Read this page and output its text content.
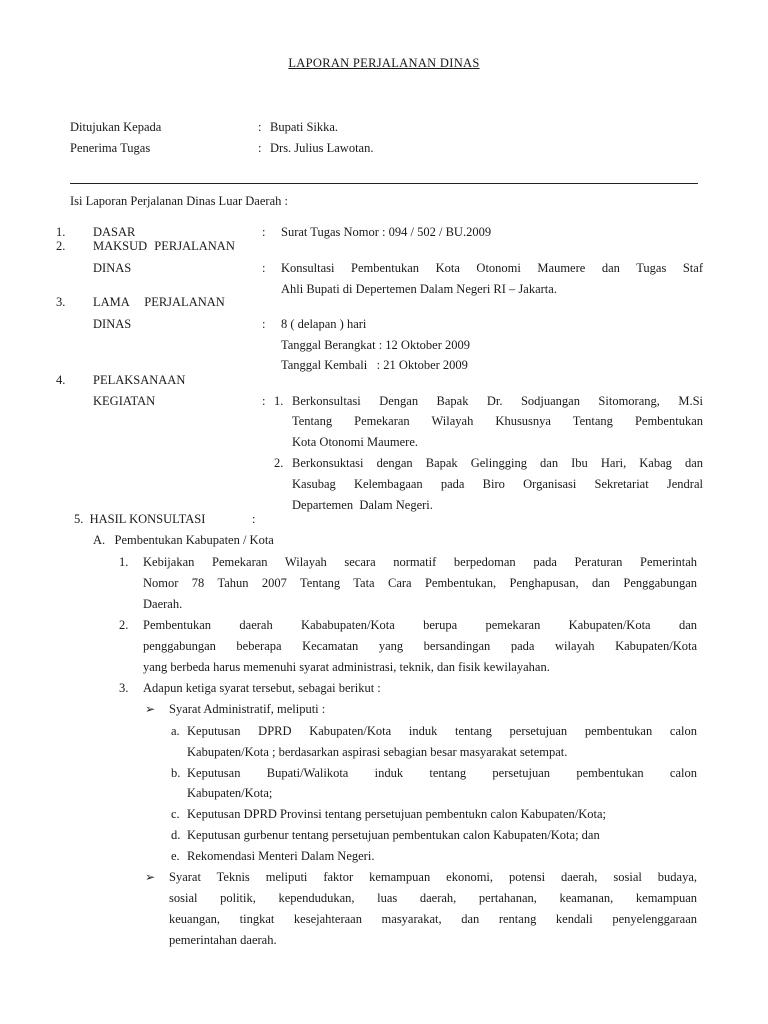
LAPORAN PERJALANAN DINAS
Ditujukan Kepada	: Bupati Sikka.
Penerima Tugas	: Drs. Julius Lawotan.
Isi Laporan Perjalanan Dinas Luar Daerah :
1. DASAR	: Surat Tugas Nomor : 094 / 502 / BU.2009
2. MAKSUD PERJALANAN
DINAS	: Konsultasi Pembentukan Kota Otonomi Maumere dan Tugas Staf
Ahli Bupati di Depertemen Dalam Negeri RI – Jakarta.
3. LAMA PERJALANAN
DINAS	: 8 ( delapan ) hari
Tanggal Berangkat : 12 Oktober 2009
Tanggal Kembali   : 21 Oktober 2009
4. PELAKSANAAN
KEGIATAN	: 1. Berkonsultasi Dengan Bapak Dr. Sodjuangan Sitomorang, M.Si
Tentang Pemekaran Wilayah Khususnya Tentang Pembentukan
Kota Otonomi Maumere.
2. Berkonsuktasi dengan Bapak Gelingging dan Ibu Hari, Kabag dan
Kasubag Kelembagaan pada Biro Organisasi Sekretariat Jendral
Departemen  Dalam Negeri.
5.  HASIL KONSULTASI	:
A.   Pembentukan Kabupaten / Kota
1. Kebijakan Pemekaran Wilayah secara normatif berpedoman pada Peraturan Pemerintah
Nomor 78 Tahun 2007 Tentang Tata Cara Pembentukan, Penghapusan, dan Penggabungan
Daerah.
2. Pembentukan daerah Kababupaten/Kota berupa pemekaran Kabupaten/Kota dan
penggabungan beberapa Kecamatan yang bersandingan pada wilayah Kabupaten/Kota
yang berbeda harus memenuhi syarat administrasi, teknik, dan fisik kewilayahan.
3. Adapun ketiga syarat tersebut, sebagai berikut :
➢ Syarat Administratif, meliputi :
a. Keputusan DPRD Kabupaten/Kota induk tentang persetujuan pembentukan calon
Kabupaten/Kota ; berdasarkan aspirasi sebagian besar masyarakat setempat.
b. Keputusan Bupati/Walikota induk tentang persetujuan pembentukan calon
Kabupaten/Kota;
c. Keputusan DPRD Provinsi tentang persetujuan pembentukn calon Kabupaten/Kota;
d. Keputusan gurbenur tentang persetujuan pembentukan calon Kabupaten/Kota; dan
e. Rekomendasi Menteri Dalam Negeri.
➢ Syarat Teknis meliputi faktor kemampuan ekonomi, potensi daerah, sosial budaya,
sosial politik, kependudukan, luas daerah, pertahanan, keamanan, kemampuan
keuangan, tingkat kesejahteraan masyarakat, dan rentang kendali penyelenggaraan
pemerintahan daerah.
